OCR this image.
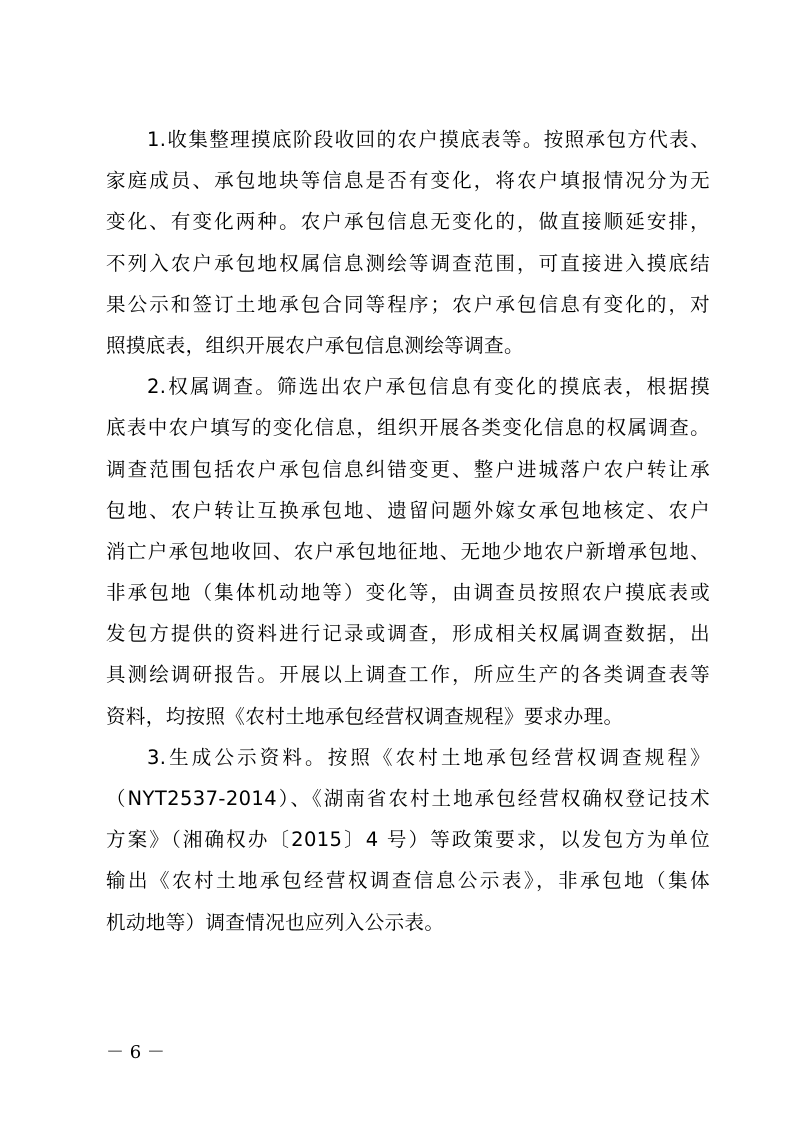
1.收集整理摸底阶段收回的农户摸底表等。按照承包方代表、
家庭成员、承包地块等信息是否有变化，将农户填报情况分为无
变化、有变化两种。农户承包信息无变化的，做直接顺延安排，
不列入农户承包地权属信息测绘等调查范围，可直接进入摸底结
果公示和签订土地承包合同等程序；农户承包信息有变化的，对
照摸底表，组织开展农户承包信息测绘等调查。
2.权属调查。筛选出农户承包信息有变化的摸底表，根据摸
底表中农户填写的变化信息，组织开展各类变化信息的权属调查。
调查范围包括农户承包信息纠错变更、整户进城落户农户转让承
包地、农户转让互换承包地、遗留问题外嫁女承包地核定、农户
消亡户承包地收回、农户承包地征地、无地少地农户新增承包地、
非承包地（集体机动地等）变化等，由调查员按照农户摸底表或
发包方提供的资料进行记录或调查，形成相关权属调查数据，出
具测绘调研报告。开展以上调查工作，所应生产的各类调查表等
资料，均按照《农村土地承包经营权调查规程》要求办理。
3.生成公示资料。按照《农村土地承包经营权调查规程》
（NYT2537-2014）、《湖南省农村土地承包经营权确权登记技术
方案》（湘确权办〔2015〕4 号）等政策要求，以发包方为单位
输出《农村土地承包经营权调查信息公示表》，非承包地（集体
机动地等）调查情况也应列入公示表。
－ 6 －
